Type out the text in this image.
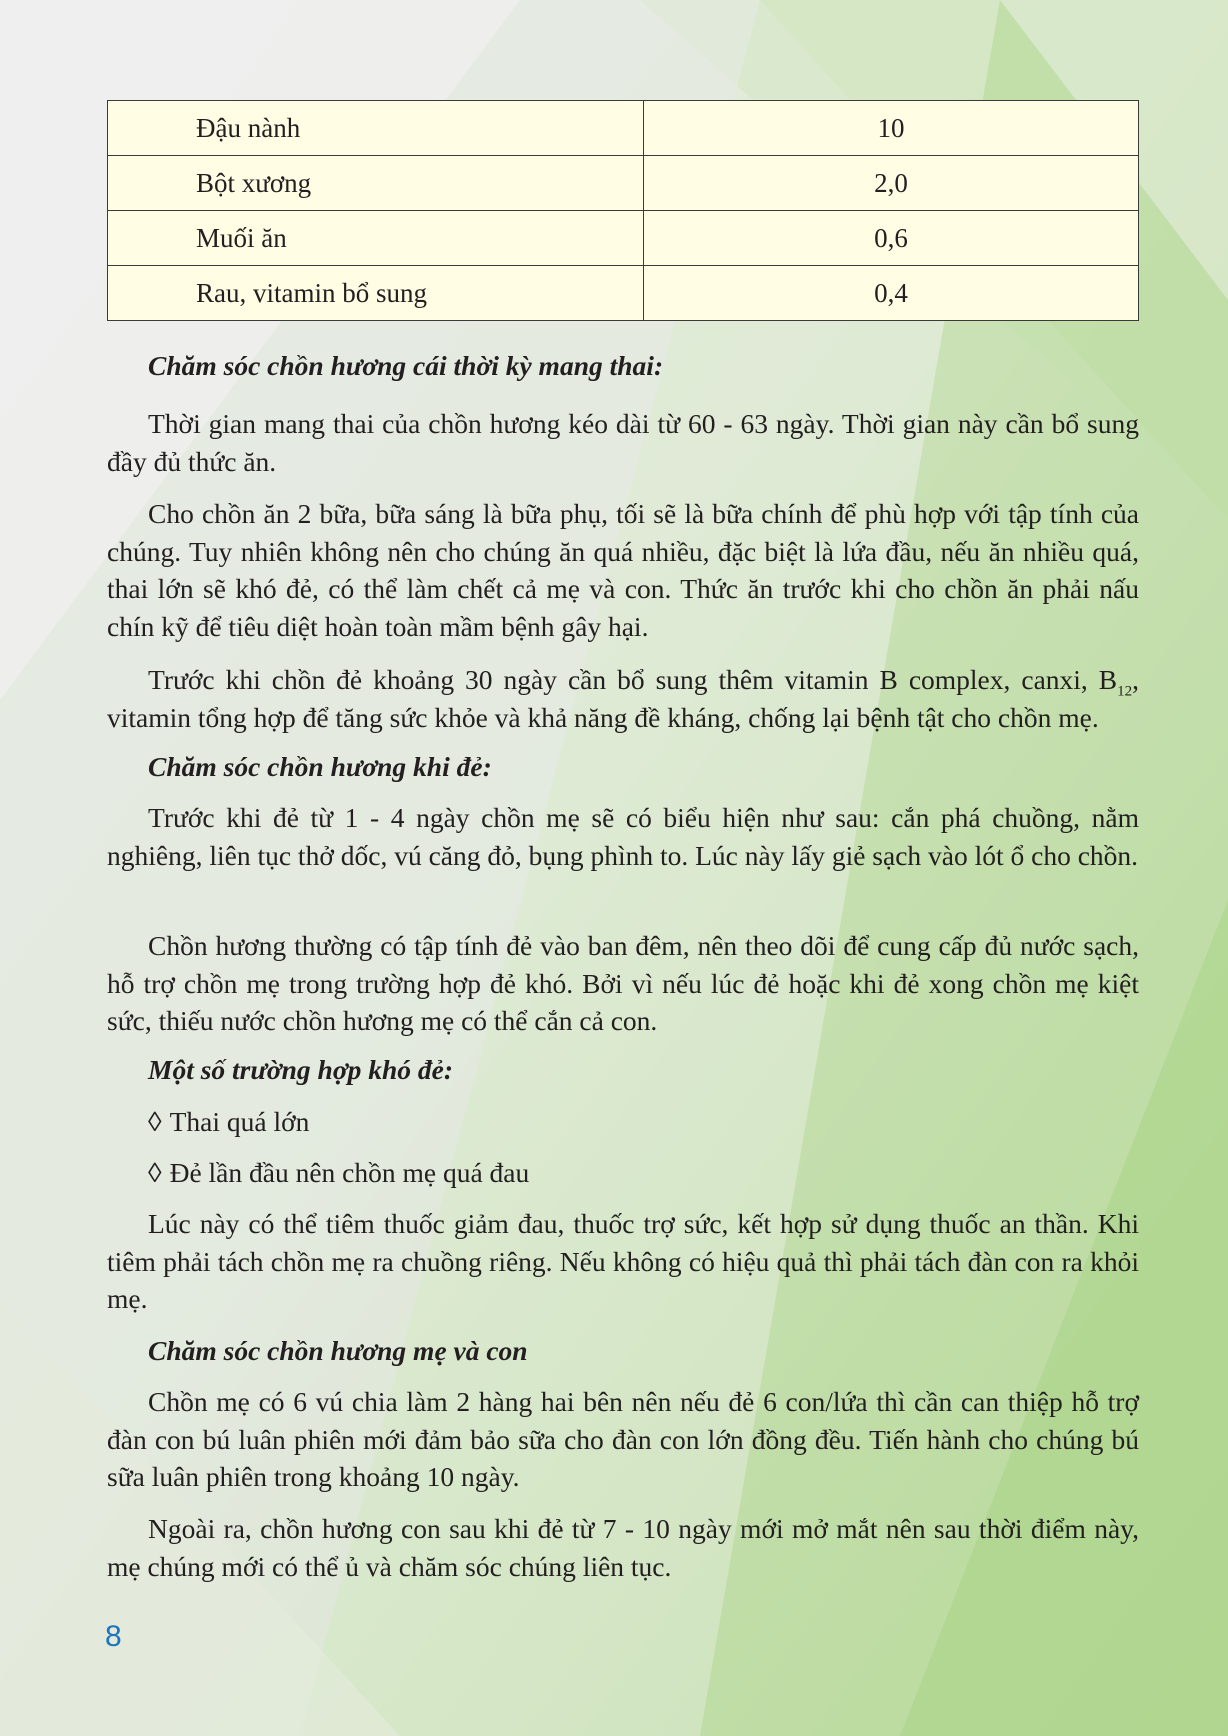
Đậu nành	10
Bột xương	2,0
Muối ăn	0,6
Rau, vitamin bổ sung	0,4

Chăm sóc chồn hương cái thời kỳ mang thai:

Thời gian mang thai của chồn hương kéo dài từ 60 - 63 ngày. Thời gian này cần bổ sung đầy đủ thức ăn.

Cho chồn ăn 2 bữa, bữa sáng là bữa phụ, tối sẽ là bữa chính để phù hợp với tập tính của chúng. Tuy nhiên không nên cho chúng ăn quá nhiều, đặc biệt là lứa đầu, nếu ăn nhiều quá, thai lớn sẽ khó đẻ, có thể làm chết cả mẹ và con. Thức ăn trước khi cho chồn ăn phải nấu chín kỹ để tiêu diệt hoàn toàn mầm bệnh gây hại.

Trước khi chồn đẻ khoảng 30 ngày cần bổ sung thêm vitamin B complex, canxi, $B_{12}$, vitamin tổng hợp để tăng sức khỏe và khả năng đề kháng, chống lại bệnh tật cho chồn mẹ.

Chăm sóc chồn hương khi đẻ:

Trước khi đẻ từ 1 - 4 ngày chồn mẹ sẽ có biểu hiện như sau: cắn phá chuồng, nằm nghiêng, liên tục thở dốc, vú căng đỏ, bụng phình to. Lúc này lấy giẻ sạch vào lót ổ cho chồn.

Chồn hương thường có tập tính đẻ vào ban đêm, nên theo dõi để cung cấp đủ nước sạch, hỗ trợ chồn mẹ trong trường hợp đẻ khó. Bởi vì nếu lúc đẻ hoặc khi đẻ xong chồn mẹ kiệt sức, thiếu nước chồn hương mẹ có thể cắn cả con.

Một số trường hợp khó đẻ:

◊ Thai quá lớn

◊ Đẻ lần đầu nên chồn mẹ quá đau

Lúc này có thể tiêm thuốc giảm đau, thuốc trợ sức, kết hợp sử dụng thuốc an thần. Khi tiêm phải tách chồn mẹ ra chuồng riêng. Nếu không có hiệu quả thì phải tách đàn con ra khỏi mẹ.

Chăm sóc chồn hương mẹ và con

Chồn mẹ có 6 vú chia làm 2 hàng hai bên nên nếu đẻ 6 con/lứa thì cần can thiệp hỗ trợ đàn con bú luân phiên mới đảm bảo sữa cho đàn con lớn đồng đều. Tiến hành cho chúng bú sữa luân phiên trong khoảng 10 ngày.

Ngoài ra, chồn hương con sau khi đẻ từ 7 - 10 ngày mới mở mắt nên sau thời điểm này, mẹ chúng mới có thể ủ và chăm sóc chúng liên tục.

8
